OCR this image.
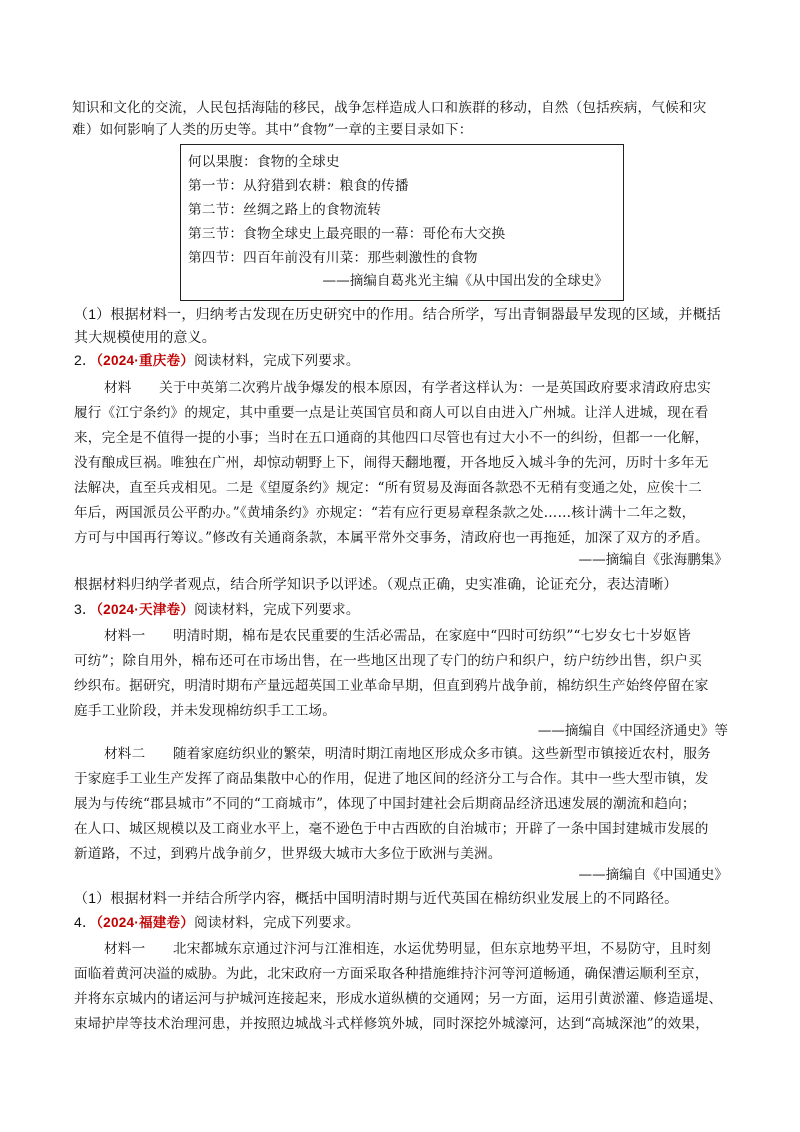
知识和文化的交流，人民包括海陆的移民，战争怎样造成人口和族群的移动，自然（包括疾病，气候和灾
难）如何影响了人类的历史等。其中”食物”一章的主要目录如下：
何以果腹：食物的全球史
第一节：从狩猎到农耕：粮食的传播
第二节：丝绸之路上的食物流转
第三节：食物全球史上最亮眼的一幕：哥伦布大交换
第四节：四百年前没有川菜：那些刺激性的食物
——摘编自葛兆光主编《从中国出发的全球史》
（1）根据材料一，归纳考古发现在历史研究中的作用。结合所学，写出青铜器最早发现的区域，并概括
其大规模使用的意义。
2．（2024·重庆卷）阅读材料，完成下列要求。
材料　　关于中英第二次鸦片战争爆发的根本原因，有学者这样认为：一是英国政府要求清政府忠实
履行《江宁条约》的规定，其中重要一点是让英国官员和商人可以自由进入广州城。让洋人进城，现在看
来，完全是不值得一提的小事；当时在五口通商的其他四口尽管也有过大小不一的纠纷，但都一一化解，
没有酿成巨祸。唯独在广州，却惊动朝野上下，闹得天翻地覆，开各地反入城斗争的先河，历时十多年无
法解决，直至兵戎相见。二是《望厦条约》规定：“所有贸易及海面各款恐不无稍有变通之处，应俟十二
年后，两国派员公平酌办。”《黄埔条约》亦规定：“若有应行更易章程条款之处……核计满十二年之数，
方可与中国再行筹议。”修改有关通商条款，本属平常外交事务，清政府也一再拖延，加深了双方的矛盾。
——摘编自《张海鹏集》
根据材料归纳学者观点，结合所学知识予以评述。（观点正确，史实准确，论证充分，表达清晰）
3．（2024·天津卷）阅读材料，完成下列要求。
材料一　　明清时期，棉布是农民重要的生活必需品，在家庭中“四时可纺织”“七岁女七十岁妪皆
可纺”；除自用外，棉布还可在市场出售，在一些地区出现了专门的纺户和织户，纺户纺纱出售，织户买
纱织布。据研究，明清时期布产量远超英国工业革命早期，但直到鸦片战争前，棉纺织生产始终停留在家
庭手工业阶段，并未发现棉纺织手工工场。
——摘编自《中国经济通史》等
材料二　　随着家庭纺织业的繁荣，明清时期江南地区形成众多市镇。这些新型市镇接近农村，服务
于家庭手工业生产发挥了商品集散中心的作用，促进了地区间的经济分工与合作。其中一些大型市镇，发
展为与传统“郡县城市”不同的“工商城市”，体现了中国封建社会后期商品经济迅速发展的潮流和趋向；
在人口、城区规模以及工商业水平上，毫不逊色于中古西欧的自治城市；开辟了一条中国封建城市发展的
新道路，不过，到鸦片战争前夕，世界级大城市大多位于欧洲与美洲。
——摘编自《中国通史》
（1）根据材料一并结合所学内容，概括中国明清时期与近代英国在棉纺织业发展上的不同路径。
4．（2024·福建卷）阅读材料，完成下列要求。
材料一　　北宋都城东京通过汴河与江淮相连，水运优势明显，但东京地势平坦，不易防守，且时刻
面临着黄河决溢的威胁。为此，北宋政府一方面采取各种措施维持汴河等河道畅通，确保漕运顺利至京，
并将东京城内的诸运河与护城河连接起来，形成水道纵横的交通网；另一方面，运用引黄淤灌、修造遥堤、
束埽护岸等技术治理河患，并按照边城战斗式样修筑外城，同时深挖外城濠河，达到“高城深池”的效果，
